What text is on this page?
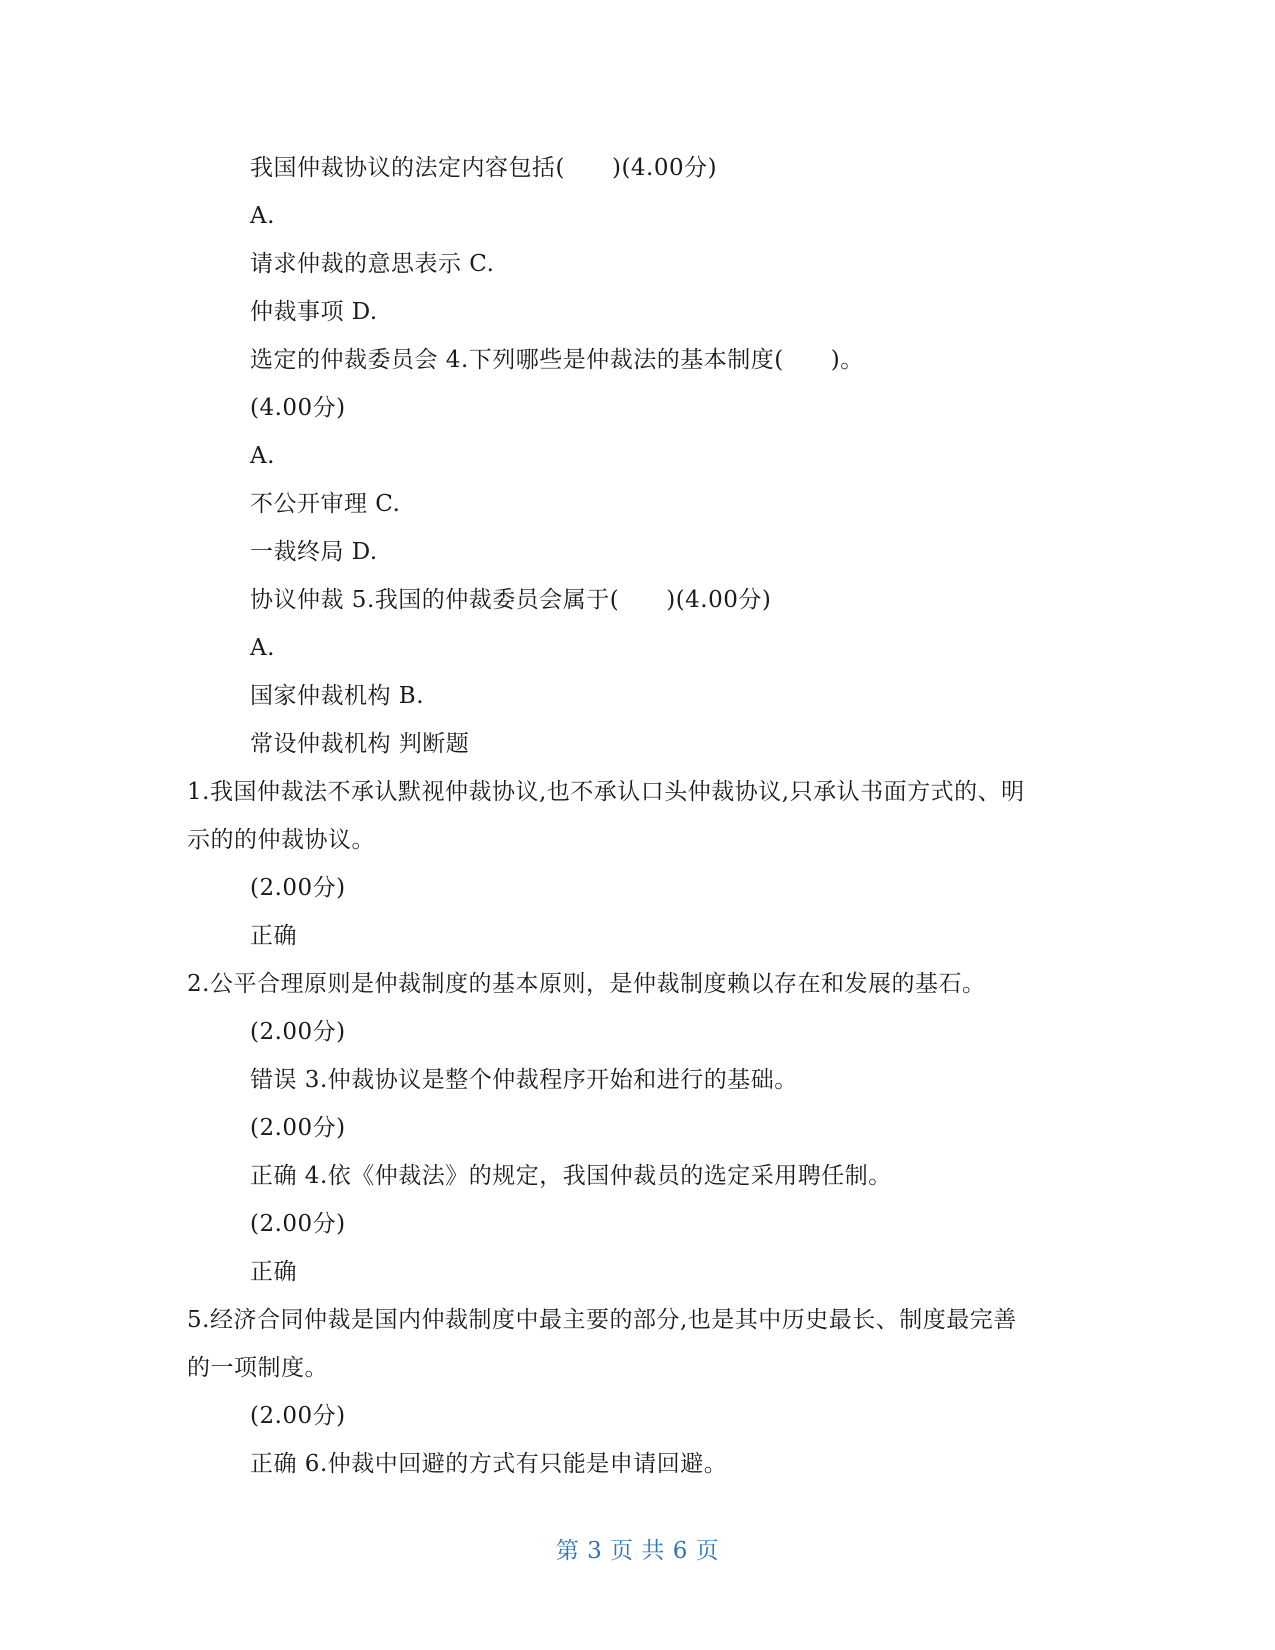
我国仲裁协议的法定内容包括(　　)(4.00分)
A.
请求仲裁的意思表示 C.
仲裁事项 D.
选定的仲裁委员会 4.下列哪些是仲裁法的基本制度(　　)。
(4.00分)
A.
不公开审理 C.
一裁终局 D.
协议仲裁 5.我国的仲裁委员会属于(　　)(4.00分)
A.
国家仲裁机构 B.
常设仲裁机构 判断题
1.我国仲裁法不承认默视仲裁协议,也不承认口头仲裁协议,只承认书面方式的、明
示的的仲裁协议。
(2.00分)
正确
2.公平合理原则是仲裁制度的基本原则，是仲裁制度赖以存在和发展的基石。
(2.00分)
错误 3.仲裁协议是整个仲裁程序开始和进行的基础。
(2.00分)
正确 4.依《仲裁法》的规定，我国仲裁员的选定采用聘任制。
(2.00分)
正确
5.经济合同仲裁是国内仲裁制度中最主要的部分,也是其中历史最长、制度最完善
的一项制度。
(2.00分)
正确 6.仲裁中回避的方式有只能是申请回避。
第 3 页 共 6 页
